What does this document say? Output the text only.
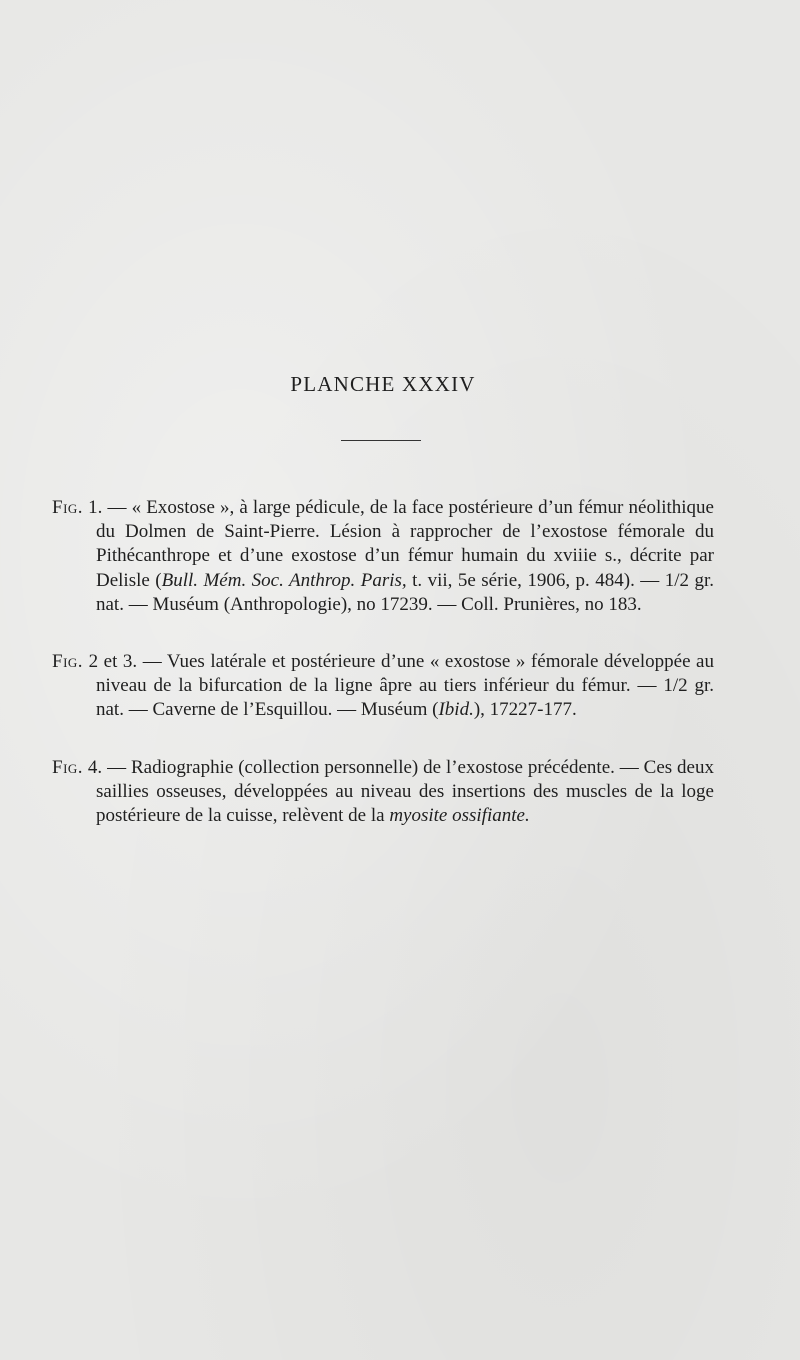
PLANCHE XXXIV

Fig. 1. — « Exostose », à large pédicule, de la face postérieure d’un fémur néolithique du Dolmen de Saint-Pierre. Lésion à rapprocher de l’exostose fémorale du Pithécanthrope et d’une exostose d’un fémur humain du xviiie s., décrite par Delisle (Bull. Mém. Soc. Anthrop. Paris, t. vii, 5e série, 1906, p. 484). — 1/2 gr. nat. — Muséum (Anthropologie), no 17239. — Coll. Prunières, no 183.

Fig. 2 et 3. — Vues latérale et postérieure d’une « exostose » fémorale développée au niveau de la bifurcation de la ligne âpre au tiers inférieur du fémur. — 1/2 gr. nat. — Caverne de l’Esquillou. — Muséum (Ibid.), 17227-177.

Fig. 4. — Radiographie (collection personnelle) de l’exostose précédente. — Ces deux saillies osseuses, développées au niveau des insertions des muscles de la loge postérieure de la cuisse, relèvent de la myosite ossifiante.
